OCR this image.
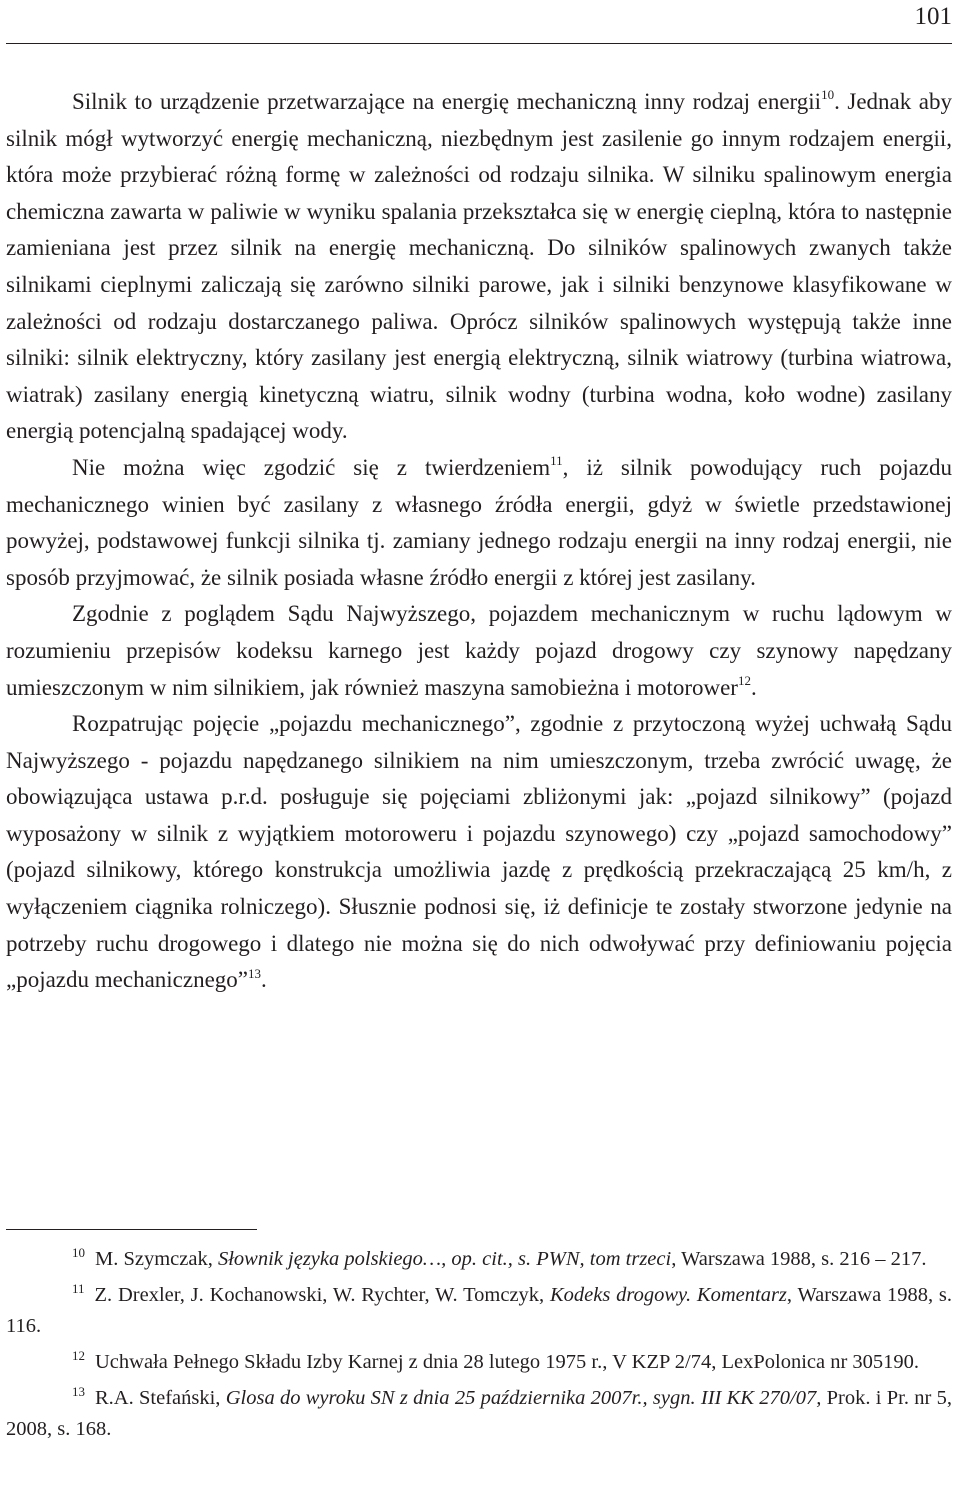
101

Silnik to urządzenie przetwarzające na energię mechaniczną inny rodzaj energii$^{10}$. Jednak aby silnik mógł wytworzyć energię mechaniczną, niezbędnym jest zasilenie go innym rodzajem energii, która może przybierać różną formę w zależności od rodzaju silnika. W silniku spalinowym energia chemiczna zawarta w paliwie w wyniku spalania przekształca się w energię cieplną, która to następnie zamieniana jest przez silnik na energię mechaniczną. Do silników spalinowych zwanych także silnikami cieplnymi zaliczają się zarówno silniki parowe, jak i silniki benzynowe klasyfikowane w zależności od rodzaju dostarczanego paliwa. Oprócz silników spalinowych występują także inne silniki: silnik elektryczny, który zasilany jest energią elektryczną, silnik wiatrowy (turbina wiatrowa, wiatrak) zasilany energią kinetyczną wiatru, silnik wodny (turbina wodna, koło wodne) zasilany energią potencjalną spadającej wody.

Nie można więc zgodzić się z twierdzeniem$^{11}$, iż silnik powodujący ruch pojazdu mechanicznego winien być zasilany z własnego źródła energii, gdyż w świetle przedstawionej powyżej, podstawowej funkcji silnika tj. zamiany jednego rodzaju energii na inny rodzaj energii, nie sposób przyjmować, że silnik posiada własne źródło energii z której jest zasilany.

Zgodnie z poglądem Sądu Najwyższego, pojazdem mechanicznym w ruchu lądowym w rozumieniu przepisów kodeksu karnego jest każdy pojazd drogowy czy szynowy napędzany umieszczonym w nim silnikiem, jak również maszyna samobieżna i motorower$^{12}$.

Rozpatrując pojęcie „pojazdu mechanicznego”, zgodnie z przytoczoną wyżej uchwałą Sądu Najwyższego - pojazdu napędzanego silnikiem na nim umieszczonym, trzeba zwrócić uwagę, że obowiązująca ustawa p.r.d. posługuje się pojęciami zbliżonymi jak: „pojazd silnikowy” (pojazd wyposażony w silnik z wyjątkiem motoroweru i pojazdu szynowego) czy „pojazd samochodowy” (pojazd silnikowy, którego konstrukcja umożliwia jazdę z prędkością przekraczającą 25 km/h, z wyłączeniem ciągnika rolniczego). Słusznie podnosi się, iż definicje te zostały stworzone jedynie na potrzeby ruchu drogowego i dlatego nie można się do nich odwoływać przy definiowaniu pojęcia „pojazdu mechanicznego”$^{13}$.

$^{10}$ M. Szymczak, Słownik języka polskiego…, op. cit., s. PWN, tom trzeci, Warszawa 1988, s. 216 – 217.

$^{11}$ Z. Drexler, J. Kochanowski, W. Rychter, W. Tomczyk, Kodeks drogowy. Komentarz, Warszawa 1988, s. 116.

$^{12}$ Uchwała Pełnego Składu Izby Karnej z dnia 28 lutego 1975 r., V KZP 2/74, LexPolonica nr 305190.

$^{13}$ R.A. Stefański, Glosa do wyroku SN z dnia 25 października 2007r., sygn. III KK 270/07, Prok. i Pr. nr 5, 2008, s. 168.
